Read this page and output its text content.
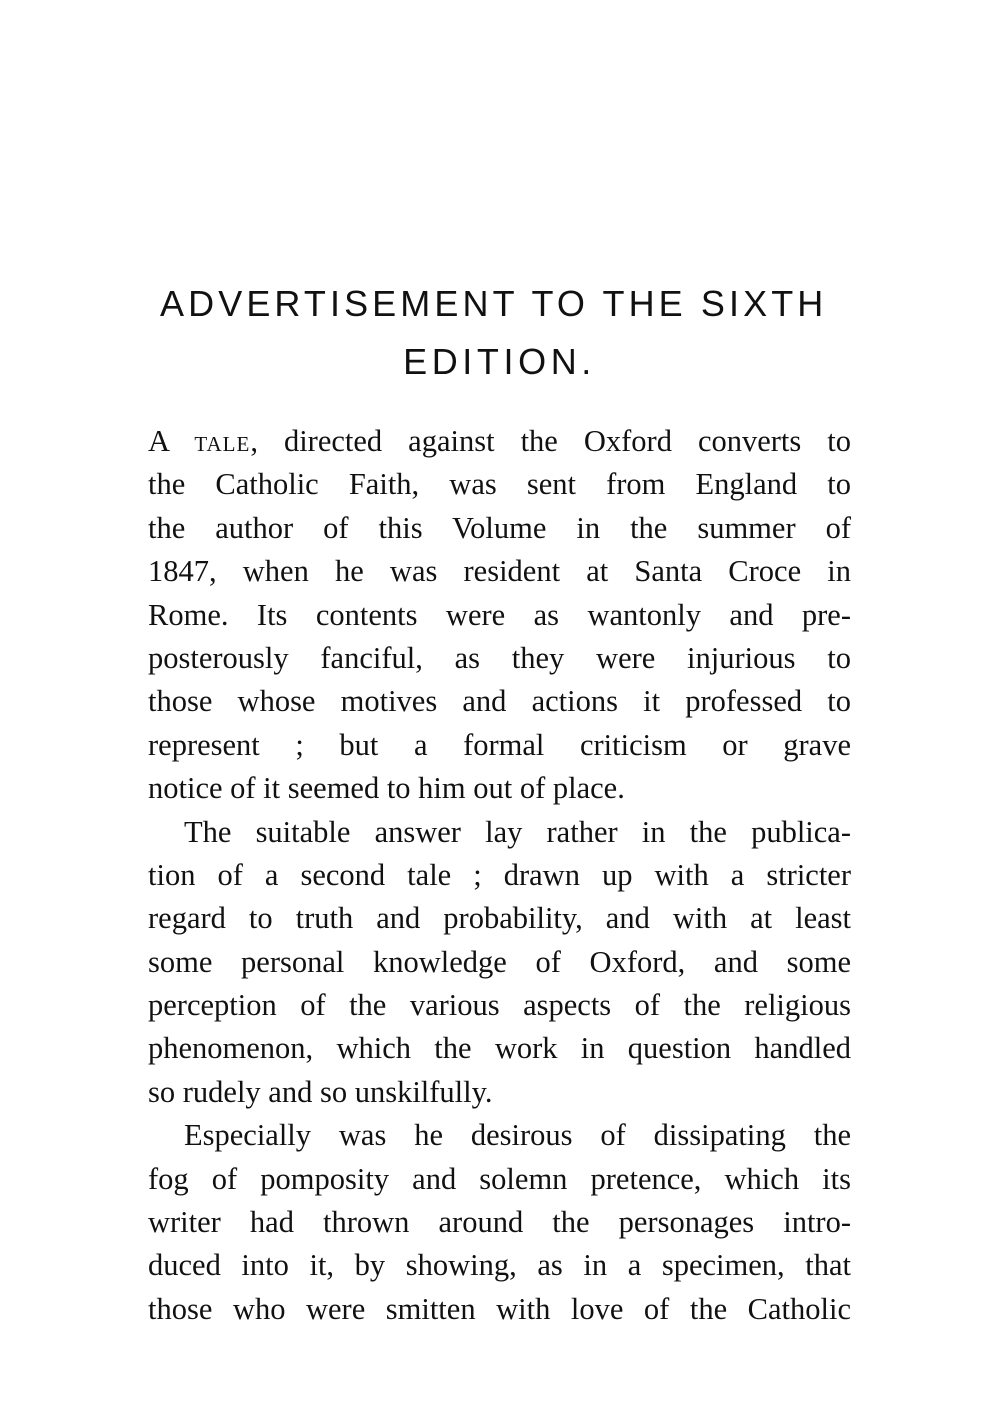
ADVERTISEMENT TO THE SIXTH
EDITION.

A tale, directed against the Oxford converts to
the Catholic Faith, was sent from England to
the author of this Volume in the summer of
1847, when he was resident at Santa Croce in
Rome. Its contents were as wantonly and pre-
posterously fanciful, as they were injurious to
those whose motives and actions it professed to
represent ; but a formal criticism or grave
notice of it seemed to him out of place.

The suitable answer lay rather in the publica-
tion of a second tale ; drawn up with a stricter
regard to truth and probability, and with at least
some personal knowledge of Oxford, and some
perception of the various aspects of the religious
phenomenon, which the work in question handled
so rudely and so unskilfully.

Especially was he desirous of dissipating the
fog of pomposity and solemn pretence, which its
writer had thrown around the personages intro-
duced into it, by showing, as in a specimen, that
those who were smitten with love of the Catholic
